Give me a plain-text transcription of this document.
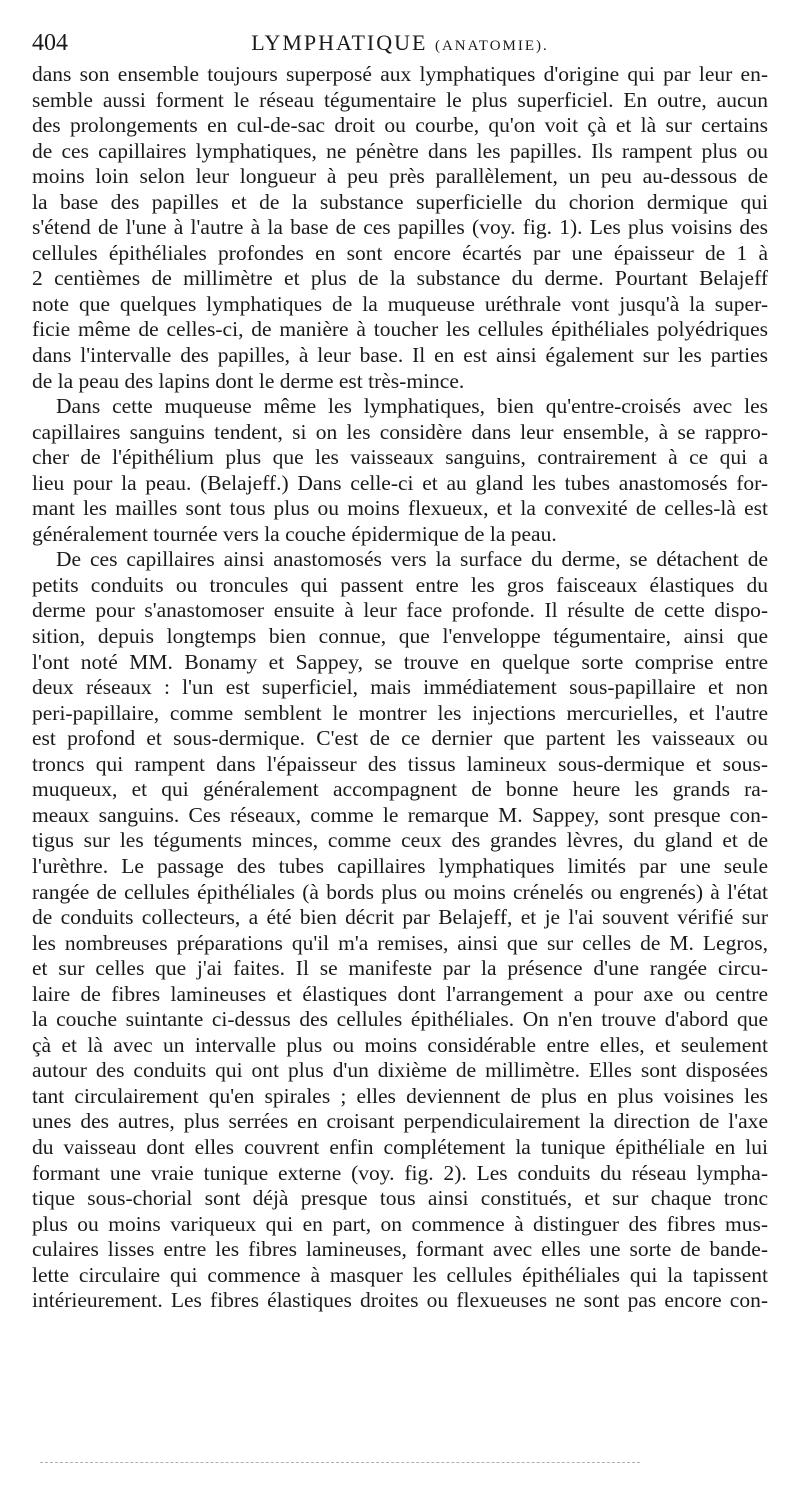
404	LYMPHATIQUE (ANATOMIE).
dans son ensemble toujours superposé aux lymphatiques d'origine qui par leur en-
semble aussi forment le réseau tégumentaire le plus superficiel. En outre, aucun
des prolongements en cul-de-sac droit ou courbe, qu'on voit çà et là sur certains
de ces capillaires lymphatiques, ne pénètre dans les papilles. Ils rampent plus ou
moins loin selon leur longueur à peu près parallèlement, un peu au-dessous de
la base des papilles et de la substance superficielle du chorion dermique qui
s'étend de l'une à l'autre à la base de ces papilles (voy. fig. 1). Les plus voisins des
cellules épithéliales profondes en sont encore écartés par une épaisseur de 1 à
2 centièmes de millimètre et plus de la substance du derme. Pourtant Belajeff
note que quelques lymphatiques de la muqueuse uréthrale vont jusqu'à la super-
ficie même de celles-ci, de manière à toucher les cellules épithéliales polyédriques
dans l'intervalle des papilles, à leur base. Il en est ainsi également sur les parties
de la peau des lapins dont le derme est très-mince.
Dans cette muqueuse même les lymphatiques, bien qu'entre-croisés avec les
capillaires sanguins tendent, si on les considère dans leur ensemble, à se rappro-
cher de l'épithélium plus que les vaisseaux sanguins, contrairement à ce qui a
lieu pour la peau. (Belajeff.) Dans celle-ci et au gland les tubes anastomosés for-
mant les mailles sont tous plus ou moins flexueux, et la convexité de celles-là est
généralement tournée vers la couche épidermique de la peau.
De ces capillaires ainsi anastomosés vers la surface du derme, se détachent de
petits conduits ou troncules qui passent entre les gros faisceaux élastiques du
derme pour s'anastomoser ensuite à leur face profonde. Il résulte de cette dispo-
sition, depuis longtemps bien connue, que l'enveloppe tégumentaire, ainsi que
l'ont noté MM. Bonamy et Sappey, se trouve en quelque sorte comprise entre
deux réseaux : l'un est superficiel, mais immédiatement sous-papillaire et non
peri-papillaire, comme semblent le montrer les injections mercurielles, et l'autre
est profond et sous-dermique. C'est de ce dernier que partent les vaisseaux ou
troncs qui rampent dans l'épaisseur des tissus lamineux sous-dermique et sous-
muqueux, et qui généralement accompagnent de bonne heure les grands ra-
meaux sanguins. Ces réseaux, comme le remarque M. Sappey, sont presque con-
tigus sur les téguments minces, comme ceux des grandes lèvres, du gland et de
l'urèthre. Le passage des tubes capillaires lymphatiques limités par une seule
rangée de cellules épithéliales (à bords plus ou moins crénelés ou engrenés) à l'état
de conduits collecteurs, a été bien décrit par Belajeff, et je l'ai souvent vérifié sur
les nombreuses préparations qu'il m'a remises, ainsi que sur celles de M. Legros,
et sur celles que j'ai faites. Il se manifeste par la présence d'une rangée circu-
laire de fibres lamineuses et élastiques dont l'arrangement a pour axe ou centre
la couche suintante ci-dessus des cellules épithéliales. On n'en trouve d'abord que
çà et là avec un intervalle plus ou moins considérable entre elles, et seulement
autour des conduits qui ont plus d'un dixième de millimètre. Elles sont disposées
tant circulairement qu'en spirales ; elles deviennent de plus en plus voisines les
unes des autres, plus serrées en croisant perpendiculairement la direction de l'axe
du vaisseau dont elles couvrent enfin complétement la tunique épithéliale en lui
formant une vraie tunique externe (voy. fig. 2). Les conduits du réseau lympha-
tique sous-chorial sont déjà presque tous ainsi constitués, et sur chaque tronc
plus ou moins variqueux qui en part, on commence à distinguer des fibres mus-
culaires lisses entre les fibres lamineuses, formant avec elles une sorte de bande-
lette circulaire qui commence à masquer les cellules épithéliales qui la tapissent
intérieurement. Les fibres élastiques droites ou flexueuses ne sont pas encore con-
